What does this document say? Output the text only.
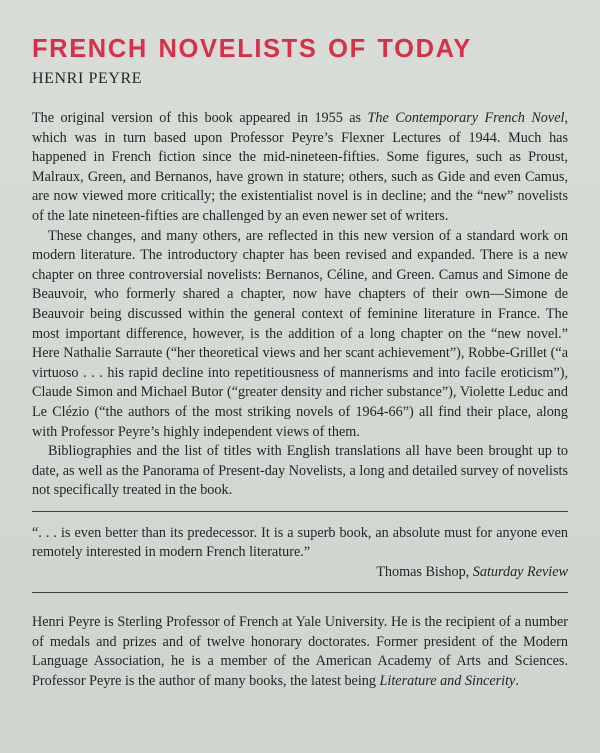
FRENCH NOVELISTS OF TODAY
HENRI PEYRE

The original version of this book appeared in 1955 as The Contemporary French Novel, which was in turn based upon Professor Peyre’s Flexner Lectures of 1944. Much has happened in French fiction since the mid-nineteen-fifties. Some figures, such as Proust, Malraux, Green, and Bernanos, have grown in stature; others, such as Gide and even Camus, are now viewed more critically; the existentialist novel is in decline; and the “new” novelists of the late nineteen-fifties are challenged by an even newer set of writers.

These changes, and many others, are reflected in this new version of a standard work on modern literature. The introductory chapter has been revised and expanded. There is a new chapter on three controversial novelists: Bernanos, Céline, and Green. Camus and Simone de Beauvoir, who formerly shared a chapter, now have chapters of their own—Simone de Beauvoir being discussed within the general context of feminine literature in France. The most important difference, however, is the addition of a long chapter on the “new novel.” Here Nathalie Sarraute (“her theoretical views and her scant achievement”), Robbe-Grillet (“a virtuoso . . . his rapid decline into repetitiousness of mannerisms and into facile eroticism”), Claude Simon and Michael Butor (“greater density and richer substance”), Violette Leduc and Le Clézio (“the authors of the most striking novels of 1964-66”) all find their place, along with Professor Peyre’s highly independent views of them.

Bibliographies and the list of titles with English translations all have been brought up to date, as well as the Panorama of Present-day Novelists, a long and detailed survey of novelists not specifically treated in the book.

“. . . is even better than its predecessor. It is a superb book, an absolute must for anyone even remotely interested in modern French literature.”

Thomas Bishop, Saturday Review

Henri Peyre is Sterling Professor of French at Yale University. He is the recipient of a number of medals and prizes and of twelve honorary doctorates. Former president of the Modern Language Association, he is a member of the American Academy of Arts and Sciences. Professor Peyre is the author of many books, the latest being Literature and Sincerity.
